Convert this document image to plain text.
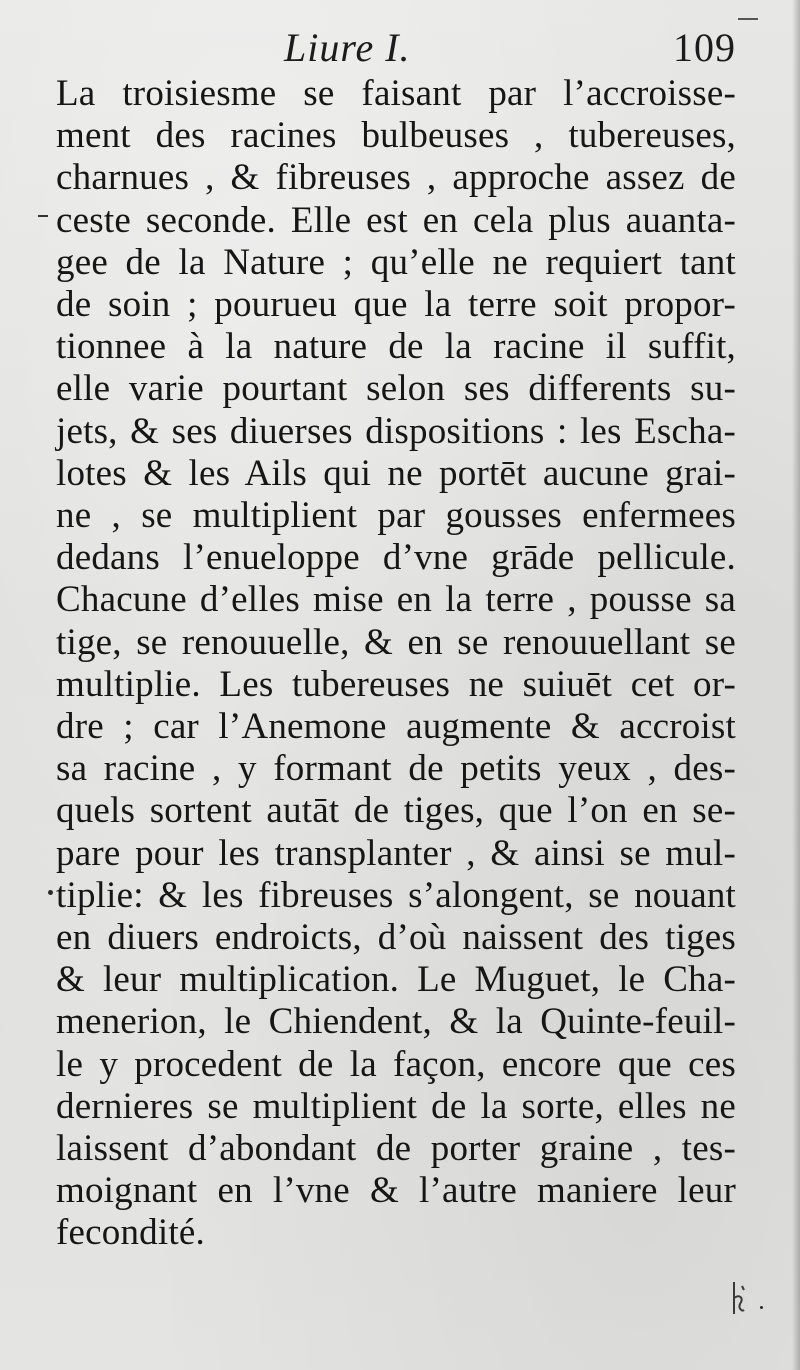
Liure I.	109
La troisiesme se faisant par l’accroisse-
ment des racines bulbeuses , tubereuses,
charnues , & fibreuses , approche assez de
ceste seconde. Elle est en cela plus auanta-
gee de la Nature ; qu’elle ne requiert tant
de soin ; pourueu que la terre soit propor-
tionnee à la nature de la racine il suffit,
elle varie pourtant selon ses differents su-
jets, & ses diuerses dispositions : les Escha-
lotes & les Ails qui ne portēt aucune grai-
ne , se multiplient par gousses enfermees
dedans l’enueloppe d’vne grāde pellicule.
Chacune d’elles mise en la terre , pousse sa
tige, se renouuelle, & en se renouuellant se
multiplie. Les tubereuses ne suiuēt cet or-
dre ; car l’Anemone augmente & accroist
sa racine , y formant de petits yeux , des-
quels sortent autāt de tiges, que l’on en se-
pare pour les transplanter , & ainsi se mul-
tiplie: & les fibreuses s’alongent, se nouant
en diuers endroicts, d’où naissent des tiges
& leur multiplication. Le Muguet, le Cha-
menerion, le Chiendent, & la Quinte-feuil-
le y procedent de la façon, encore que ces
dernieres se multiplient de la sorte, elles ne
laissent d’abondant de porter graine , tes-
moignant en l’vne & l’autre maniere leur
fecondité.
